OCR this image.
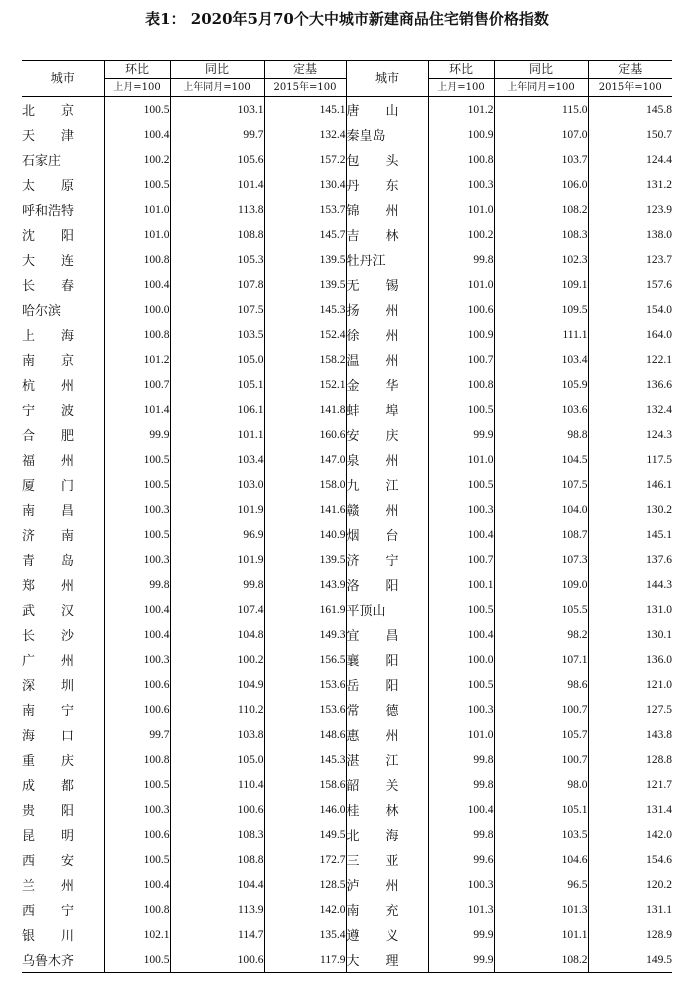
表1： 2020年5月70个大中城市新建商品住宅销售价格指数
城市	环比	同比	定基	城市	环比	同比	定基
	上月=100	上年同月=100	2015年=100		上月=100	上年同月=100	2015年=100
北　　京	100.5	103.1	145.1	唐　　山	101.2	115.0	145.8
天　　津	100.4	99.7	132.4	秦皇岛	100.9	107.0	150.7
石家庄	100.2	105.6	157.2	包　　头	100.8	103.7	124.4
太　　原	100.5	101.4	130.4	丹　　东	100.3	106.0	131.2
呼和浩特	101.0	113.8	153.7	锦　　州	101.0	108.2	123.9
沈　　阳	101.0	108.8	145.7	吉　　林	100.2	108.3	138.0
大　　连	100.8	105.3	139.5	牡丹江	99.8	102.3	123.7
长　　春	100.4	107.8	139.5	无　　锡	101.0	109.1	157.6
哈尔滨	100.0	107.5	145.3	扬　　州	100.6	109.5	154.0
上　　海	100.8	103.5	152.4	徐　　州	100.9	111.1	164.0
南　　京	101.2	105.0	158.2	温　　州	100.7	103.4	122.1
杭　　州	100.7	105.1	152.1	金　　华	100.8	105.9	136.6
宁　　波	101.4	106.1	141.8	蚌　　埠	100.5	103.6	132.4
合　　肥	99.9	101.1	160.6	安　　庆	99.9	98.8	124.3
福　　州	100.5	103.4	147.0	泉　　州	101.0	104.5	117.5
厦　　门	100.5	103.0	158.0	九　　江	100.5	107.5	146.1
南　　昌	100.3	101.9	141.6	赣　　州	100.3	104.0	130.2
济　　南	100.5	96.9	140.9	烟　　台	100.4	108.7	145.1
青　　岛	100.3	101.9	139.5	济　　宁	100.7	107.3	137.6
郑　　州	99.8	99.8	143.9	洛　　阳	100.1	109.0	144.3
武　　汉	100.4	107.4	161.9	平顶山	100.5	105.5	131.0
长　　沙	100.4	104.8	149.3	宜　　昌	100.4	98.2	130.1
广　　州	100.3	100.2	156.5	襄　　阳	100.0	107.1	136.0
深　　圳	100.6	104.9	153.6	岳　　阳	100.5	98.6	121.0
南　　宁	100.6	110.2	153.6	常　　德	100.3	100.7	127.5
海　　口	99.7	103.8	148.6	惠　　州	101.0	105.7	143.8
重　　庆	100.8	105.0	145.3	湛　　江	99.8	100.7	128.8
成　　都	100.5	110.4	158.6	韶　　关	99.8	98.0	121.7
贵　　阳	100.3	100.6	146.0	桂　　林	100.4	105.1	131.4
昆　　明	100.6	108.3	149.5	北　　海	99.8	103.5	142.0
西　　安	100.5	108.8	172.7	三　　亚	99.6	104.6	154.6
兰　　州	100.4	104.4	128.5	泸　　州	100.3	96.5	120.2
西　　宁	100.8	113.9	142.0	南　　充	101.3	101.3	131.1
银　　川	102.1	114.7	135.4	遵　　义	99.9	101.1	128.9
乌鲁木齐	100.5	100.6	117.9	大　　理	99.9	108.2	149.5
